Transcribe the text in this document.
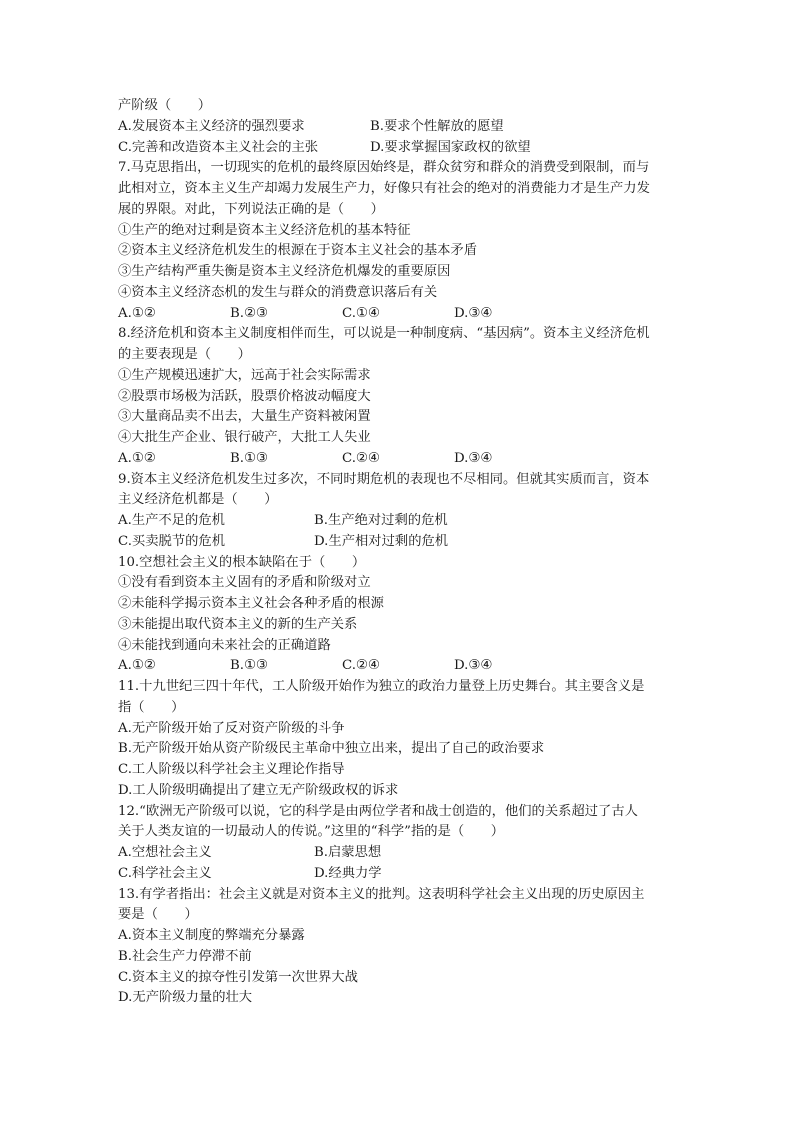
产阶级（　　）
A.发展资本主义经济的强烈要求	B.要求个性解放的愿望
C.完善和改造资本主义社会的主张	D.要求掌握国家政权的欲望
7.马克思指出，一切现实的危机的最终原因始终是，群众贫穷和群众的消费受到限制，而与
此相对立，资本主义生产却竭力发展生产力，好像只有社会的绝对的消费能力才是生产力发
展的界限。对此，下列说法正确的是（　　）
①生产的绝对过剩是资本主义经济危机的基本特征
②资本主义经济危机发生的根源在于资本主义社会的基本矛盾
③生产结构严重失衡是资本主义经济危机爆发的重要原因
④资本主义经济态机的发生与群众的消费意识落后有关
A.①②	B.②③	C.①④	D.③④
8.经济危机和资本主义制度相伴而生，可以说是一种制度病、“基因病”。资本主义经济危机
的主要表现是（　　）
①生产规模迅速扩大，远高于社会实际需求
②股票市场极为活跃，股票价格波动幅度大
③大量商品卖不出去，大量生产资料被闲置
④大批生产企业、银行破产，大批工人失业
A.①②	B.①③	C.②④	D.③④
9.资本主义经济危机发生过多次，不同时期危机的表现也不尽相同。但就其实质而言，资本
主义经济危机都是（　　）
A.生产不足的危机	B.生产绝对过剩的危机
C.买卖脱节的危机	D.生产相对过剩的危机
10.空想社会主义的根本缺陷在于（　　）
①没有看到资本主义固有的矛盾和阶级对立
②未能科学揭示资本主义社会各种矛盾的根源
③未能提出取代资本主义的新的生产关系
④未能找到通向未来社会的正确道路
A.①②	B.①③	C.②④	D.③④
11.十九世纪三四十年代，工人阶级开始作为独立的政治力量登上历史舞台。其主要含义是
指（　　）
A.无产阶级开始了反对资产阶级的斗争
B.无产阶级开始从资产阶级民主革命中独立出来，提出了自己的政治要求
C.工人阶级以科学社会主义理论作指导
D.工人阶级明确提出了建立无产阶级政权的诉求
12.“欧洲无产阶级可以说，它的科学是由两位学者和战士创造的，他们的关系超过了古人
关于人类友谊的一切最动人的传说。”这里的“科学”指的是（　　）
A.空想社会主义	B.启蒙思想
C.科学社会主义	D.经典力学
13.有学者指出：社会主义就是对资本主义的批判。这表明科学社会主义出现的历史原因主
要是（　　）
A.资本主义制度的弊端充分暴露
B.社会生产力停滞不前
C.资本主义的掠夺性引发第一次世界大战
D.无产阶级力量的壮大
